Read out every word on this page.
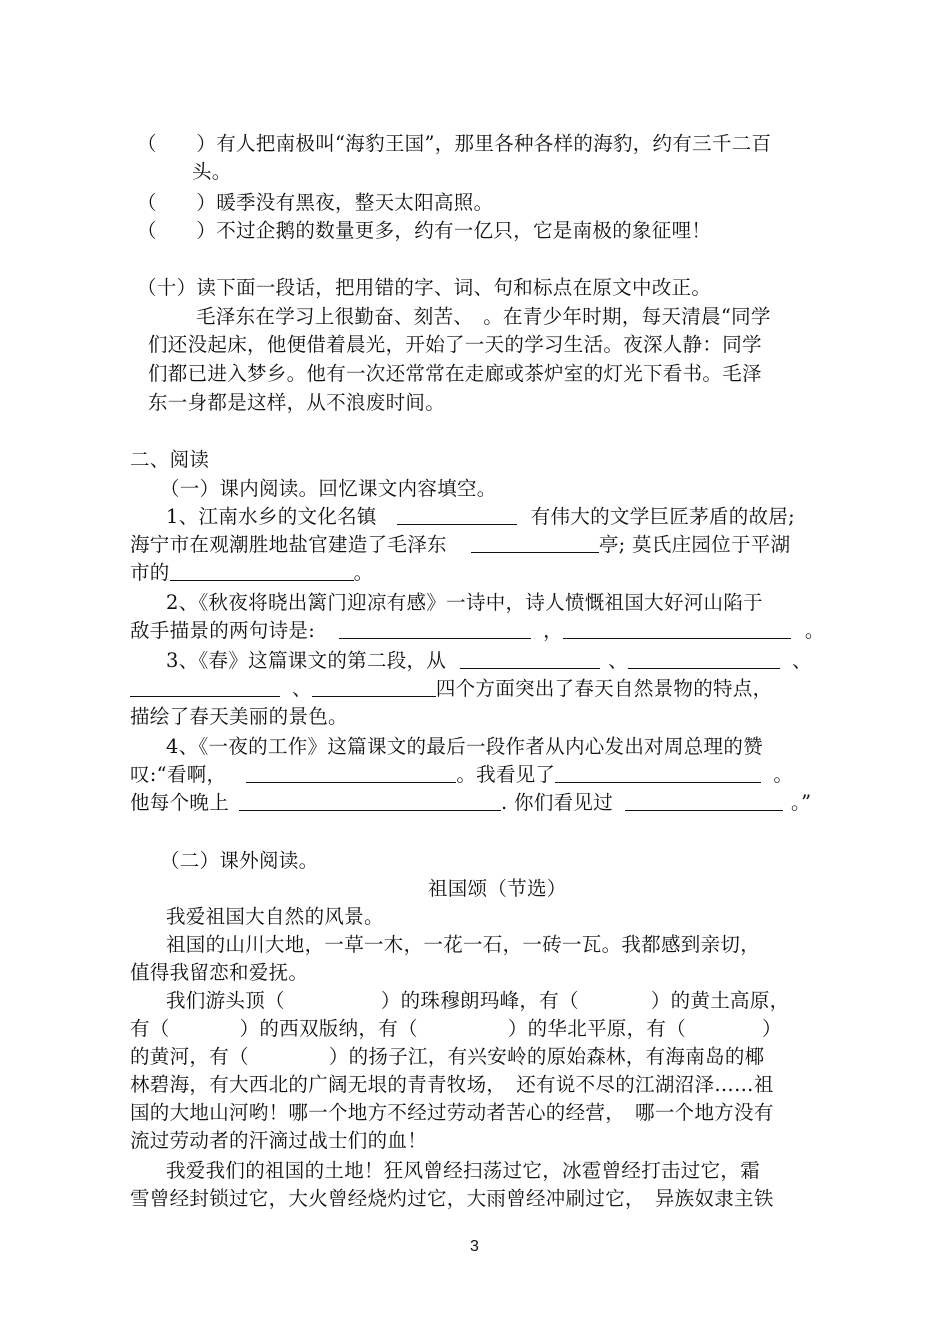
（　　）有人把南极叫“海豹王国”，那里各种各样的海豹，约有三千二百
头。
（　　）暖季没有黑夜，整天太阳高照。
（　　）不过企鹅的数量更多，约有一亿只，它是南极的象征哩！
（十）读下面一段话，把用错的字、词、句和标点在原文中改正。
毛泽东在学习上很勤奋、刻苦、　。在青少年时期，每天清晨“同学
们还没起床，他便借着晨光，开始了一天的学习生活。夜深人静：同学
们都已进入梦乡。他有一次还常常在走廊或茶炉室的灯光下看书。毛泽
东一身都是这样，从不浪废时间。
二、阅读
（一）课内阅读。回忆课文内容填空。
1、江南水乡的文化名镇	有伟大的文学巨匠茅盾的故居;
海宁市在观潮胜地盐官建造了毛泽东	亭; 莫氏庄园位于平湖
市的	。
2、《秋夜将晓出篱门迎凉有感》一诗中，诗人愤慨祖国大好河山陷于
敌手描景的两句诗是:	，	。
3、《春》这篇课文的第二段，从	、	、
、	四个方面突出了春天自然景物的特点，
描绘了春天美丽的景色。
4、《一夜的工作》这篇课文的最后一段作者从内心发出对周总理的赞
叹:“看啊，	。我看见了	。
他每个晚上	. 你们看见过	。”
（二）课外阅读。
祖国颂（节选）
我爱祖国大自然的风景。
祖国的山川大地，一草一木，一花一石，一砖一瓦。我都感到亲切，
值得我留恋和爱抚。
我们游头顶（	）的珠穆朗玛峰，有（	）的黄土高原，
有（	）的西双版纳，有（	）的华北平原，有（	）
的黄河，有（	）的扬子江，有兴安岭的原始森林，有海南岛的椰
林碧海，有大西北的广阔无垠的青青牧场，　还有说不尽的江湖沼泽……祖
国的大地山河哟！哪一个地方不经过劳动者苦心的经营，　哪一个地方没有
流过劳动者的汗滴过战士们的血！
我爱我们的祖国的土地！狂风曾经扫荡过它，冰雹曾经打击过它，霜
雪曾经封锁过它，大火曾经烧灼过它，大雨曾经冲刷过它，　异族奴隶主铁
3
